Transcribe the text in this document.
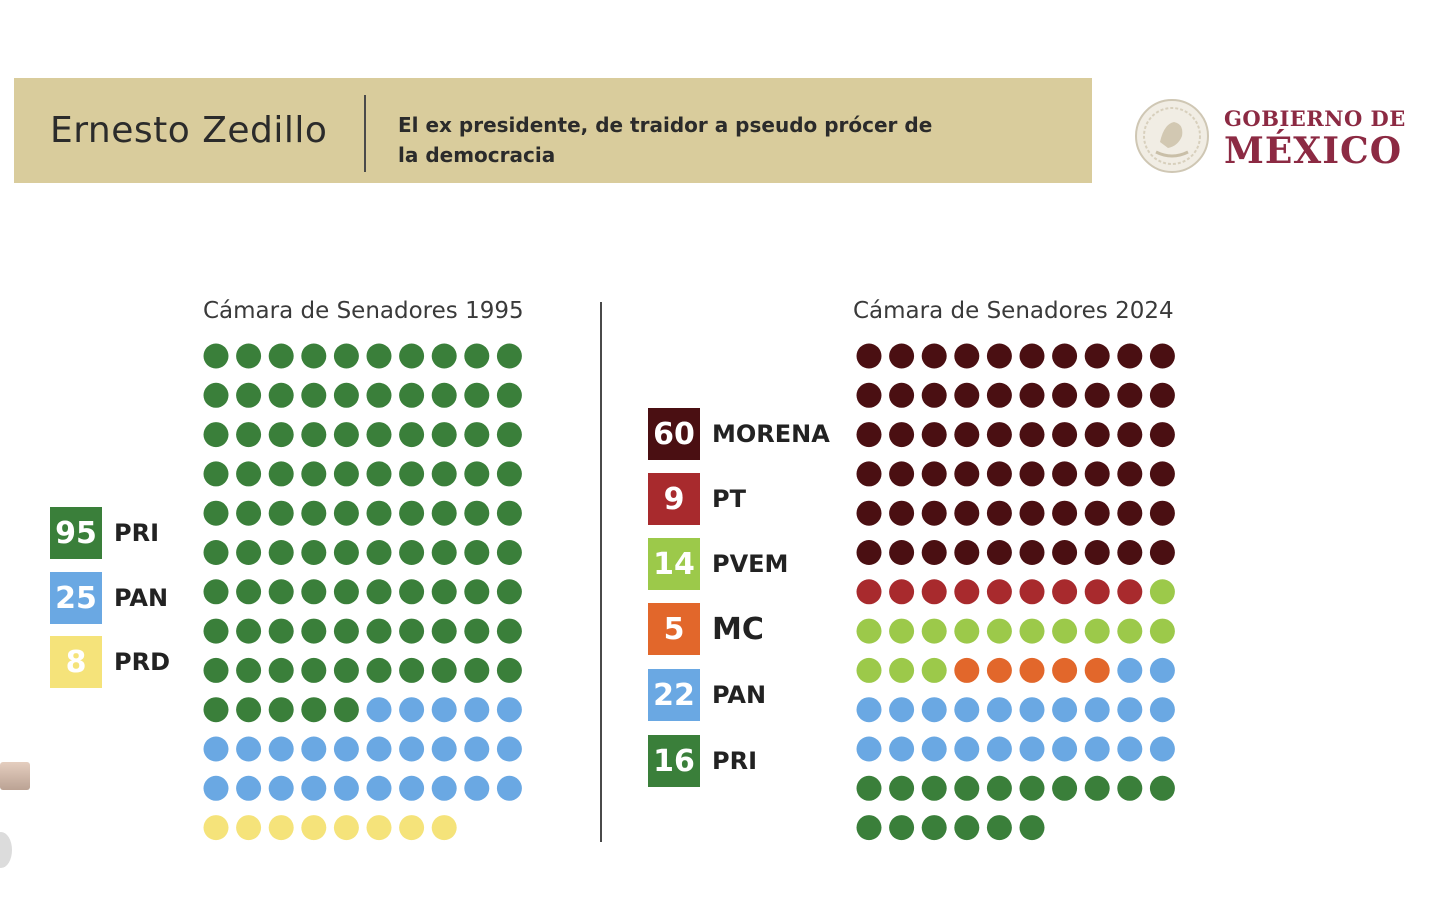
Ernesto Zedillo	El ex presidente, de traidor a pseudo prócer de
la democracia
GOBIERNO DE
MÉXICO
Cámara de Senadores 1995	Cámara de Senadores 2024
95 PRI
25 PAN
8	PRD
60 MORENA
9	PT
14 PVEM
5 MC
22 PAN
16 PRI
